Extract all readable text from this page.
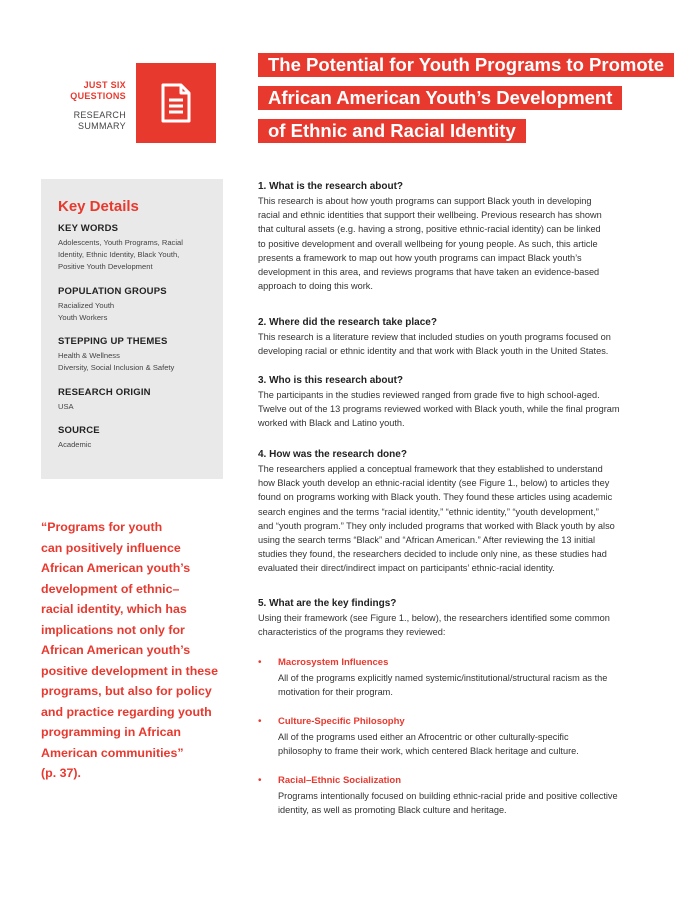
JUST SIX
QUESTIONS
RESEARCH
SUMMARY
The Potential for Youth Programs to Promote
African American Youth’s Development
of Ethnic and Racial Identity
Key Details
KEY WORDS
Adolescents, Youth Programs, Racial
Identity, Ethnic Identity, Black Youth,
Positive Youth Development
POPULATION GROUPS
Racialized Youth
Youth Workers
STEPPING UP THEMES
Health & Wellness
Diversity, Social Inclusion & Safety
RESEARCH ORIGIN
USA
SOURCE
Academic
“Programs for youth
can positively influence
African American youth’s
development of ethnic–
racial identity, which has
implications not only for
African American youth’s
positive development in these
programs, but also for policy
and practice regarding youth
programming in African
American communities”
(p. 37).
1. What is the research about?

This research is about how youth programs can support Black youth in developing

racial and ethnic identities that support their wellbeing. Previous research has shown

that cultural assets (e.g. having a strong, positive ethnic-racial identity) can be linked

to positive development and overall wellbeing for young people. As such, this article

presents a framework to map out how youth programs can impact Black youth’s

development in this area, and reviews programs that have taken an evidence-based

approach to doing this work.

2. Where did the research take place?

This research is a literature review that included studies on youth programs focused on

developing racial or ethnic identity and that work with Black youth in the United States.

3. Who is this research about?

The participants in the studies reviewed ranged from grade five to high school-aged.

Twelve out of the 13 programs reviewed worked with Black youth, while the final program

worked with Black and Latino youth.

4. How was the research done?

The researchers applied a conceptual framework that they established to understand

how Black youth develop an ethnic-racial identity (see Figure 1., below) to articles they

found on programs working with Black youth. They found these articles using academic

search engines and the terms “racial identity,” “ethnic identity,” “youth development,”

and “youth program.” They only included programs that worked with Black youth by also

using the search terms “Black” and “African American.” After reviewing the 13 initial

studies they found, the researchers decided to include only nine, as these studies had

evaluated their direct/indirect impact on participants’ ethnic-racial identity.

5. What are the key findings?

Using their framework (see Figure 1., below), the researchers identified some common

characteristics of the programs they reviewed:

• Macrosystem Influences
All of the programs explicitly named systemic/institutional/structural racism as the
motivation for their program.
• Culture-Specific Philosophy
All of the programs used either an Afrocentric or other culturally-specific
philosophy to frame their work, which centered Black heritage and culture.
• Racial–Ethnic Socialization
Programs intentionally focused on building ethnic-racial pride and positive collective
identity, as well as promoting Black culture and heritage.
